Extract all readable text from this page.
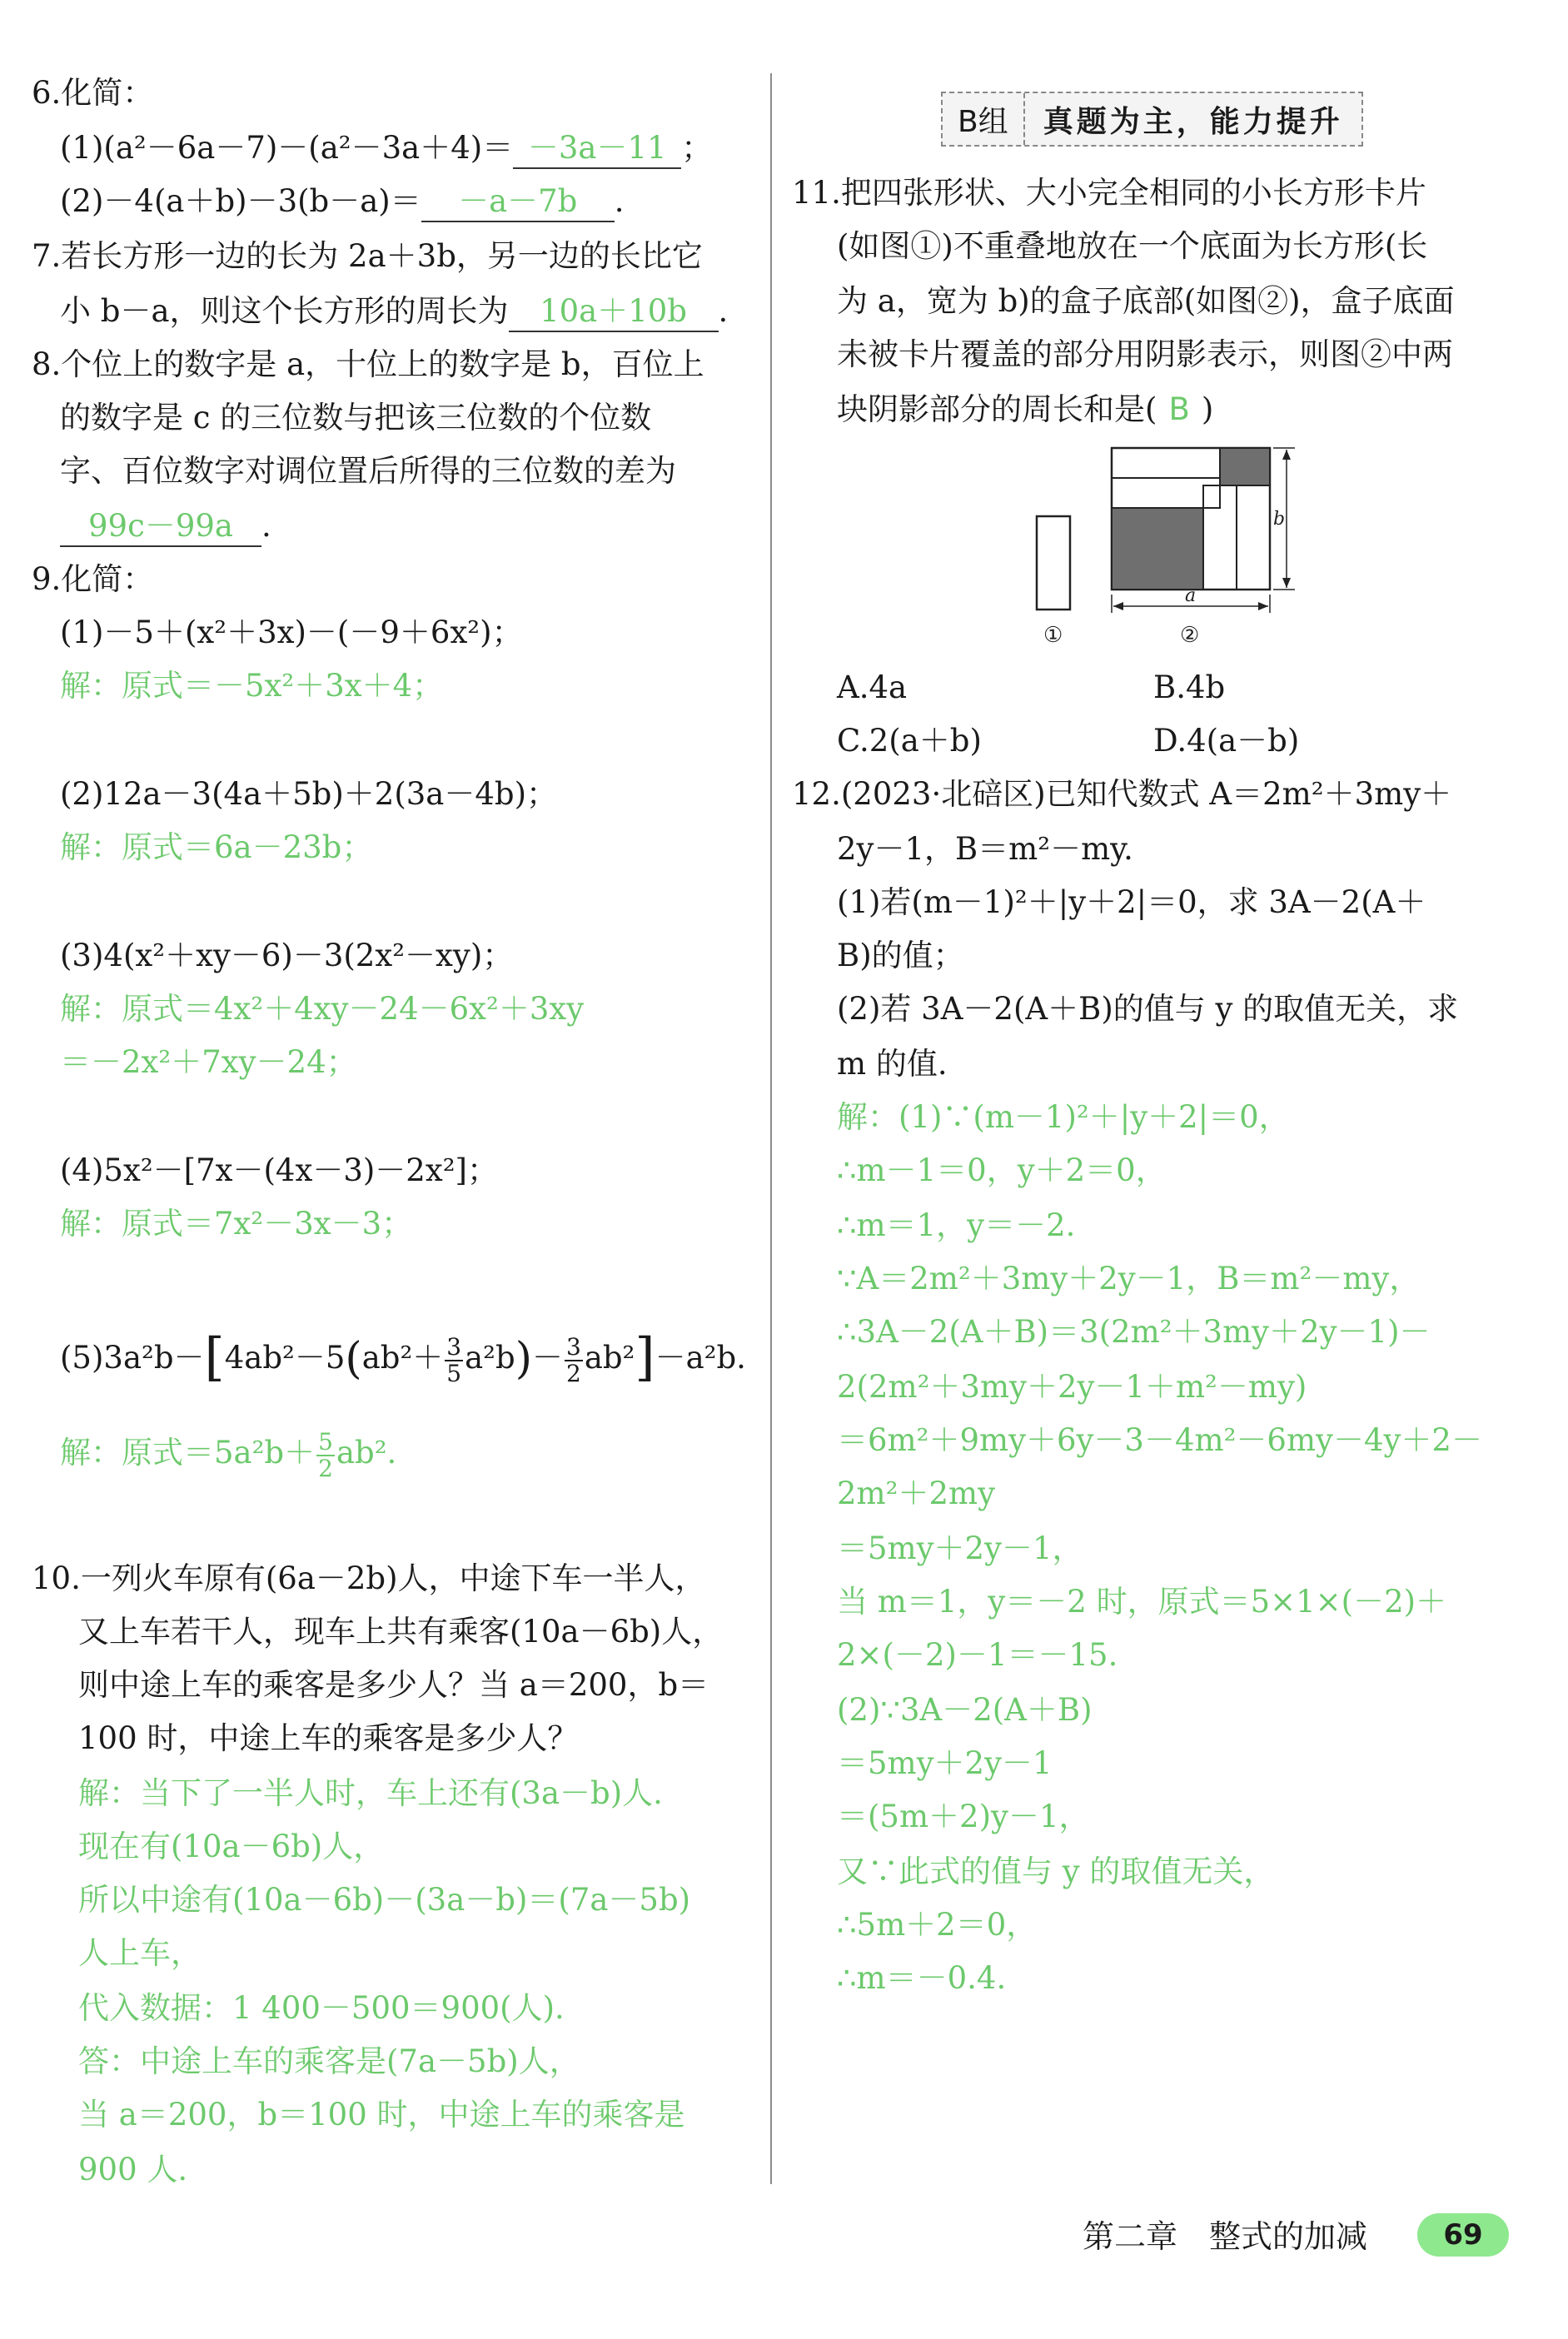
6.化简：
(1)(a²－6a－7)－(a²－3a＋4)＝ －3a－11 ；
(2)－4(a＋b)－3(b－a)＝ －a－7b .
7.若长方形一边的长为 2a＋3b，另一边的长比它
小 b－a，则这个长方形的周长为 10a＋10b .
8.个位上的数字是 a，十位上的数字是 b，百位上
的数字是 c 的三位数与把该三位数的个位数
字、百位数字对调位置后所得的三位数的差为
99c－99a .
9.化简：
(1)－5＋(x²＋3x)－(－9＋6x²)；
解：原式＝－5x²＋3x＋4；
(2)12a－3(4a＋5b)＋2(3a－4b)；
解：原式＝6a－23b；
(3)4(x²＋xy－6)－3(2x²－xy)；
解：原式＝4x²＋4xy－24－6x²＋3xy
＝－2x²＋7xy－24；
(4)5x²－[7x－(4x－3)－2x²]；
解：原式＝7x²－3x－3；
$(5)3a^2b-[4ab^2-5(ab^2+ \frac{3}{5} a^2b)- \frac{3}{2} ab^2]-a^2b$.
解：原式$=5a^2b+ \frac{5}{2} ab^2$.
10.一列火车原有(6a－2b)人，中途下车一半人，
又上车若干人，现车上共有乘客(10a－6b)人，
则中途上车的乘客是多少人？当 a＝200，b＝
100 时，中途上车的乘客是多少人？
解：当下了一半人时，车上还有(3a－b)人.
现在有(10a－6b)人，
所以中途有(10a－6b)－(3a－b)＝(7a－5b)
人上车，
代入数据：1 400－500＝900(人).
答：中途上车的乘客是(7a－5b)人，
当 a＝200，b＝100 时，中途上车的乘客是
900 人.
B组	真题为主，能力提升
11.把四张形状、大小完全相同的小长方形卡片
(如图①)不重叠地放在一个底面为长方形(长
为 a，宽为 b)的盒子底部(如图②)，盒子底面
未被卡片覆盖的部分用阴影表示，则图②中两
块阴影部分的周长和是( B )
b
a
①	②
A.4a	B.4b
C.2(a＋b)	D.4(a－b)
12.(2023·北碚区)已知代数式 A＝2m²＋3my＋
2y－1，B＝m²－my.
(1)若(m－1)²＋|y＋2|＝0，求 3A－2(A＋
B)的值；
(2)若 3A－2(A＋B)的值与 y 的取值无关，求
m 的值.
解：(1)∵(m－1)²＋|y＋2|＝0，
∴m－1＝0，y＋2＝0，
∴m＝1，y＝－2.
∵A＝2m²＋3my＋2y－1，B＝m²－my，
∴3A－2(A＋B)＝3(2m²＋3my＋2y－1)－
2(2m²＋3my＋2y－1＋m²－my)
＝6m²＋9my＋6y－3－4m²－6my－4y＋2－
2m²＋2my
＝5my＋2y－1，
当 m＝1，y＝－2 时，原式＝5×1×(－2)＋
2×(－2)－1＝－15.
(2)∵3A－2(A＋B)
＝5my＋2y－1
＝(5m＋2)y－1，
又∵此式的值与 y 的取值无关，
∴5m＋2＝0，
∴m＝－0.4.
第二章　整式的加减	69
